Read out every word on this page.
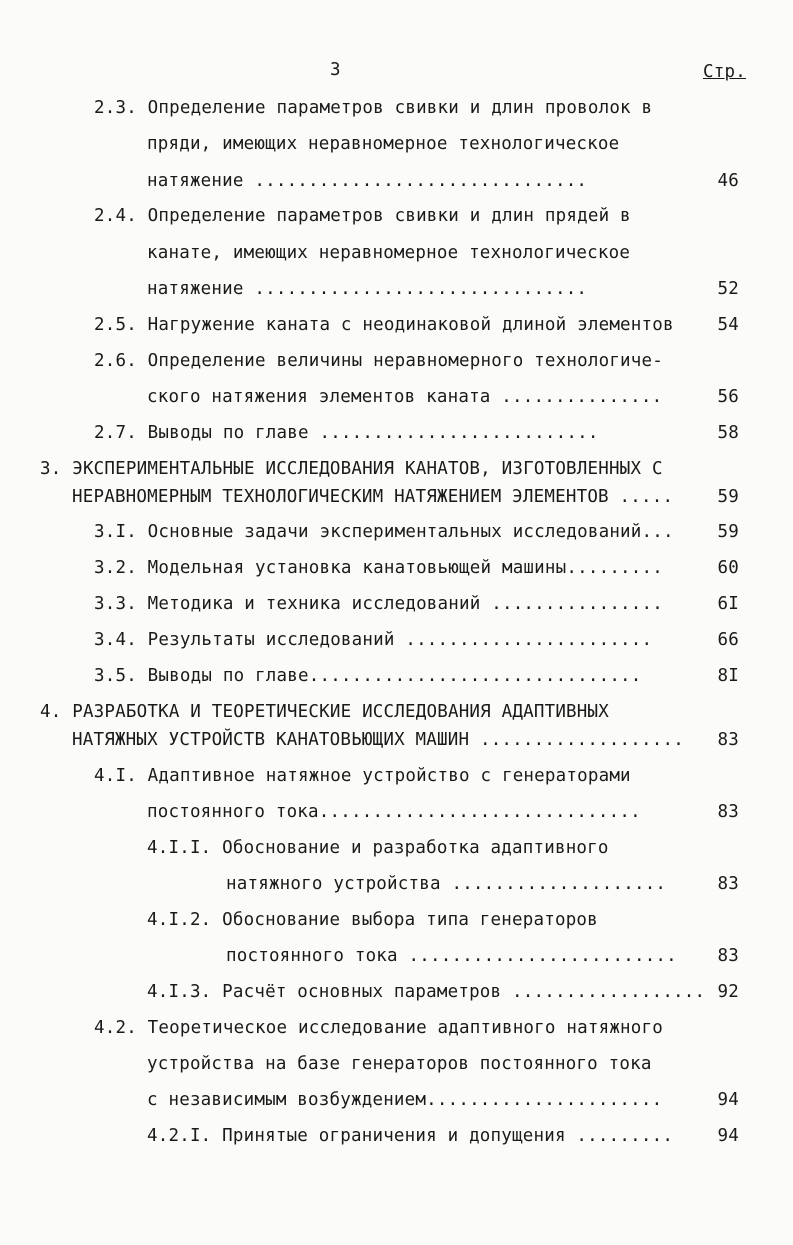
3	Стр.
2.3. Определение параметров свивки и длин проволок в
пряди, имеющих неравномерное технологическое
натяжение ...............................	46
2.4. Определение параметров свивки и длин прядей в
канате, имеющих неравномерное технологическое
натяжение ...............................	52
2.5. Нагружение каната с неодинаковой длиной элементов	54
2.6. Определение величины неравномерного технологиче-
ского натяжения элементов каната ...............	56
2.7. Выводы по главе ..........................	58
3. ЭКСПЕРИМЕНТАЛЬНЫЕ ИССЛЕДОВАНИЯ КАНАТОВ, ИЗГОТОВЛЕННЫХ С
НЕРАВНОМЕРНЫМ ТЕХНОЛОГИЧЕСКИМ НАТЯЖЕНИЕМ ЭЛЕМЕНТОВ .....	59
3.I. Основные задачи экспериментальных исследований...	59
3.2. Модельная установка канатовьющей машины.........	60
3.3. Методика и техника исследований ................	6I
3.4. Результаты исследований .......................	66
3.5. Выводы по главе...............................	8I
4. РАЗРАБОТКА И ТЕОРЕТИЧЕСКИЕ ИССЛЕДОВАНИЯ АДАПТИВНЫХ
НАТЯЖНЫХ УСТРОЙСТВ КАНАТОВЬЮЩИХ МАШИН ...................	83
4.I. Адаптивное натяжное устройство с генераторами
постоянного тока..............................	83
4.I.I. Обоснование и разработка адаптивного
натяжного устройства ....................	83
4.I.2. Обоснование выбора типа генераторов
постоянного тока .........................	83
4.I.3. Расчёт основных параметров .................. 92
4.2. Теоретическое исследование адаптивного натяжного
устройства на базе генераторов постоянного тока
с независимым возбуждением......................	94
4.2.I. Принятые ограничения и допущения .........	94
